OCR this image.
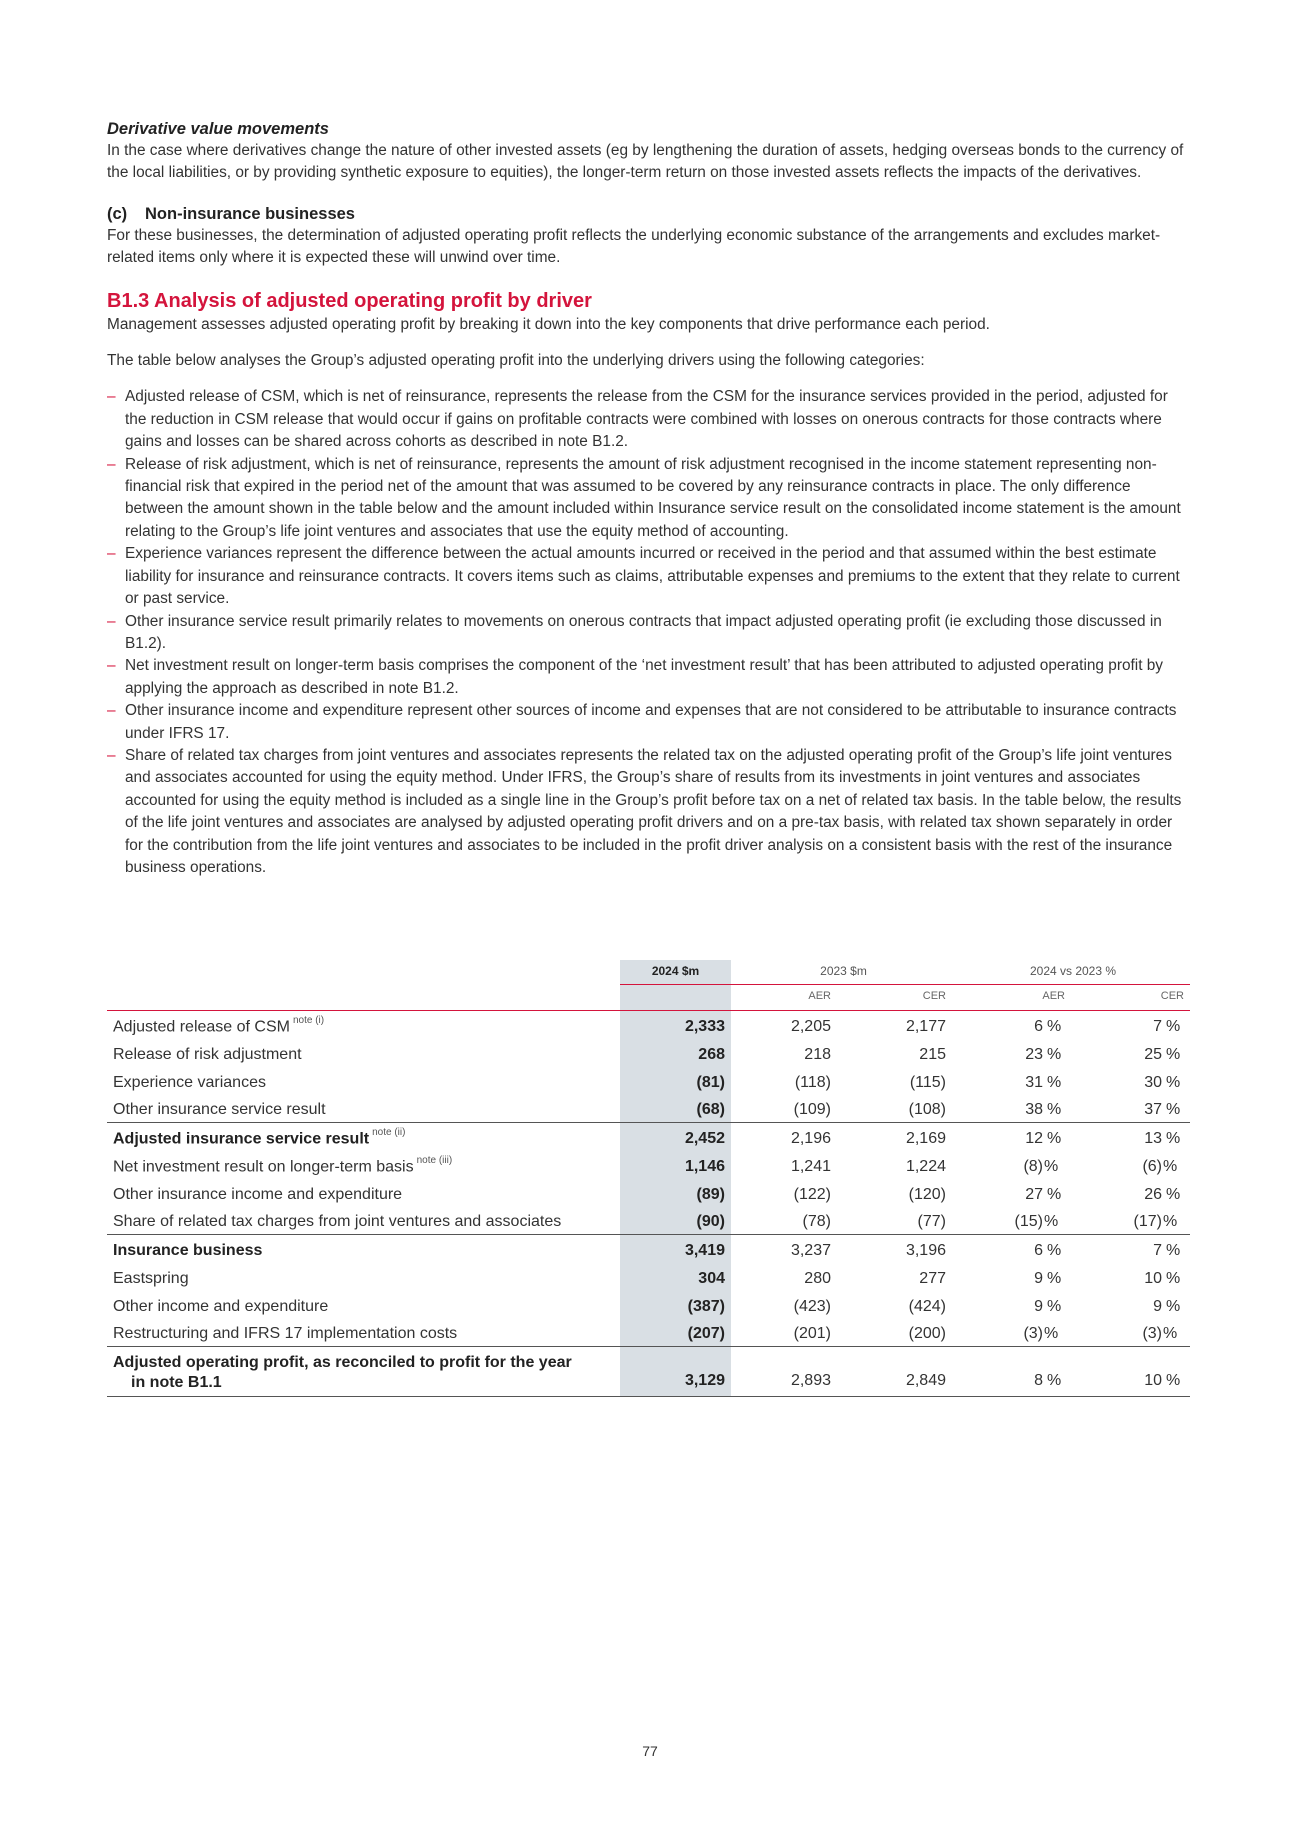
Derivative value movements

In the case where derivatives change the nature of other invested assets (eg by lengthening the duration of assets, hedging overseas bonds to the currency of the local liabilities, or by providing synthetic exposure to equities), the longer-term return on those invested assets reflects the impacts of the derivatives.

(c) Non-insurance businesses

For these businesses, the determination of adjusted operating profit reflects the underlying economic substance of the arrangements and excludes market-related items only where it is expected these will unwind over time.

B1.3 Analysis of adjusted operating profit by driver

Management assesses adjusted operating profit by breaking it down into the key components that drive performance each period.

The table below analyses the Group’s adjusted operating profit into the underlying drivers using the following categories:

– Adjusted release of CSM, which is net of reinsurance, represents the release from the CSM for the insurance services provided in the period, adjusted for the reduction in CSM release that would occur if gains on profitable contracts were combined with losses on onerous contracts for those contracts where gains and losses can be shared across cohorts as described in note B1.2.
– Release of risk adjustment, which is net of reinsurance, represents the amount of risk adjustment recognised in the income statement representing non-financial risk that expired in the period net of the amount that was assumed to be covered by any reinsurance contracts in place. The only difference between the amount shown in the table below and the amount included within Insurance service result on the consolidated income statement is the amount relating to the Group’s life joint ventures and associates that use the equity method of accounting.
– Experience variances represent the difference between the actual amounts incurred or received in the period and that assumed within the best estimate liability for insurance and reinsurance contracts. It covers items such as claims, attributable expenses and premiums to the extent that they relate to current or past service.
– Other insurance service result primarily relates to movements on onerous contracts that impact adjusted operating profit (ie excluding those discussed in B1.2).
– Net investment result on longer-term basis comprises the component of the ‘net investment result’ that has been attributed to adjusted operating profit by applying the approach as described in note B1.2.
– Other insurance income and expenditure represent other sources of income and expenses that are not considered to be attributable to insurance contracts under IFRS 17.
– Share of related tax charges from joint ventures and associates represents the related tax on the adjusted operating profit of the Group’s life joint ventures and associates accounted for using the equity method. Under IFRS, the Group’s share of results from its investments in joint ventures and associates accounted for using the equity method is included as a single line in the Group’s profit before tax on a net of related tax basis. In the table below, the results of the life joint ventures and associates are analysed by adjusted operating profit drivers and on a pre-tax basis, with related tax shown separately in order for the contribution from the life joint ventures and associates to be included in the profit driver analysis on a consistent basis with the rest of the insurance business operations.
	2024 $m	2023 $m		2024 vs 2023 %	
		AER	CER	AER	CER
Adjusted release of CSM $^{note (i)}$	2,333	2,205	2,177	6 %	7 %
Release of risk adjustment	268	218	215	23 %	25 %
Experience variances	(81)	(118)	(115)	31 %	30 %
Other insurance service result	(68)	(109)	(108)	38 %	37 %
Adjusted insurance service result $^{note (ii)}$	2,452	2,196	2,169	12 %	13 %
Net investment result on longer-term basis $^{note (iii)}$	1,146	1,241	1,224	(8)%	(6)%
Other insurance income and expenditure	(89)	(122)	(120)	27 %	26 %
Share of related tax charges from joint ventures and associates	(90)	(78)	(77)	(15)%	(17)%
Insurance business	3,419	3,237	3,196	6 %	7 %
Eastspring	304	280	277	9 %	10 %
Other income and expenditure	(387)	(423)	(424)	9 %	9 %
Restructuring and IFRS 17 implementation costs	(207)	(201)	(200)	(3)%	(3)%
Adjusted operating profit, as reconciled to profit for the year
in note B1.1	3,129	2,893	2,849	8 %	10 %
77
